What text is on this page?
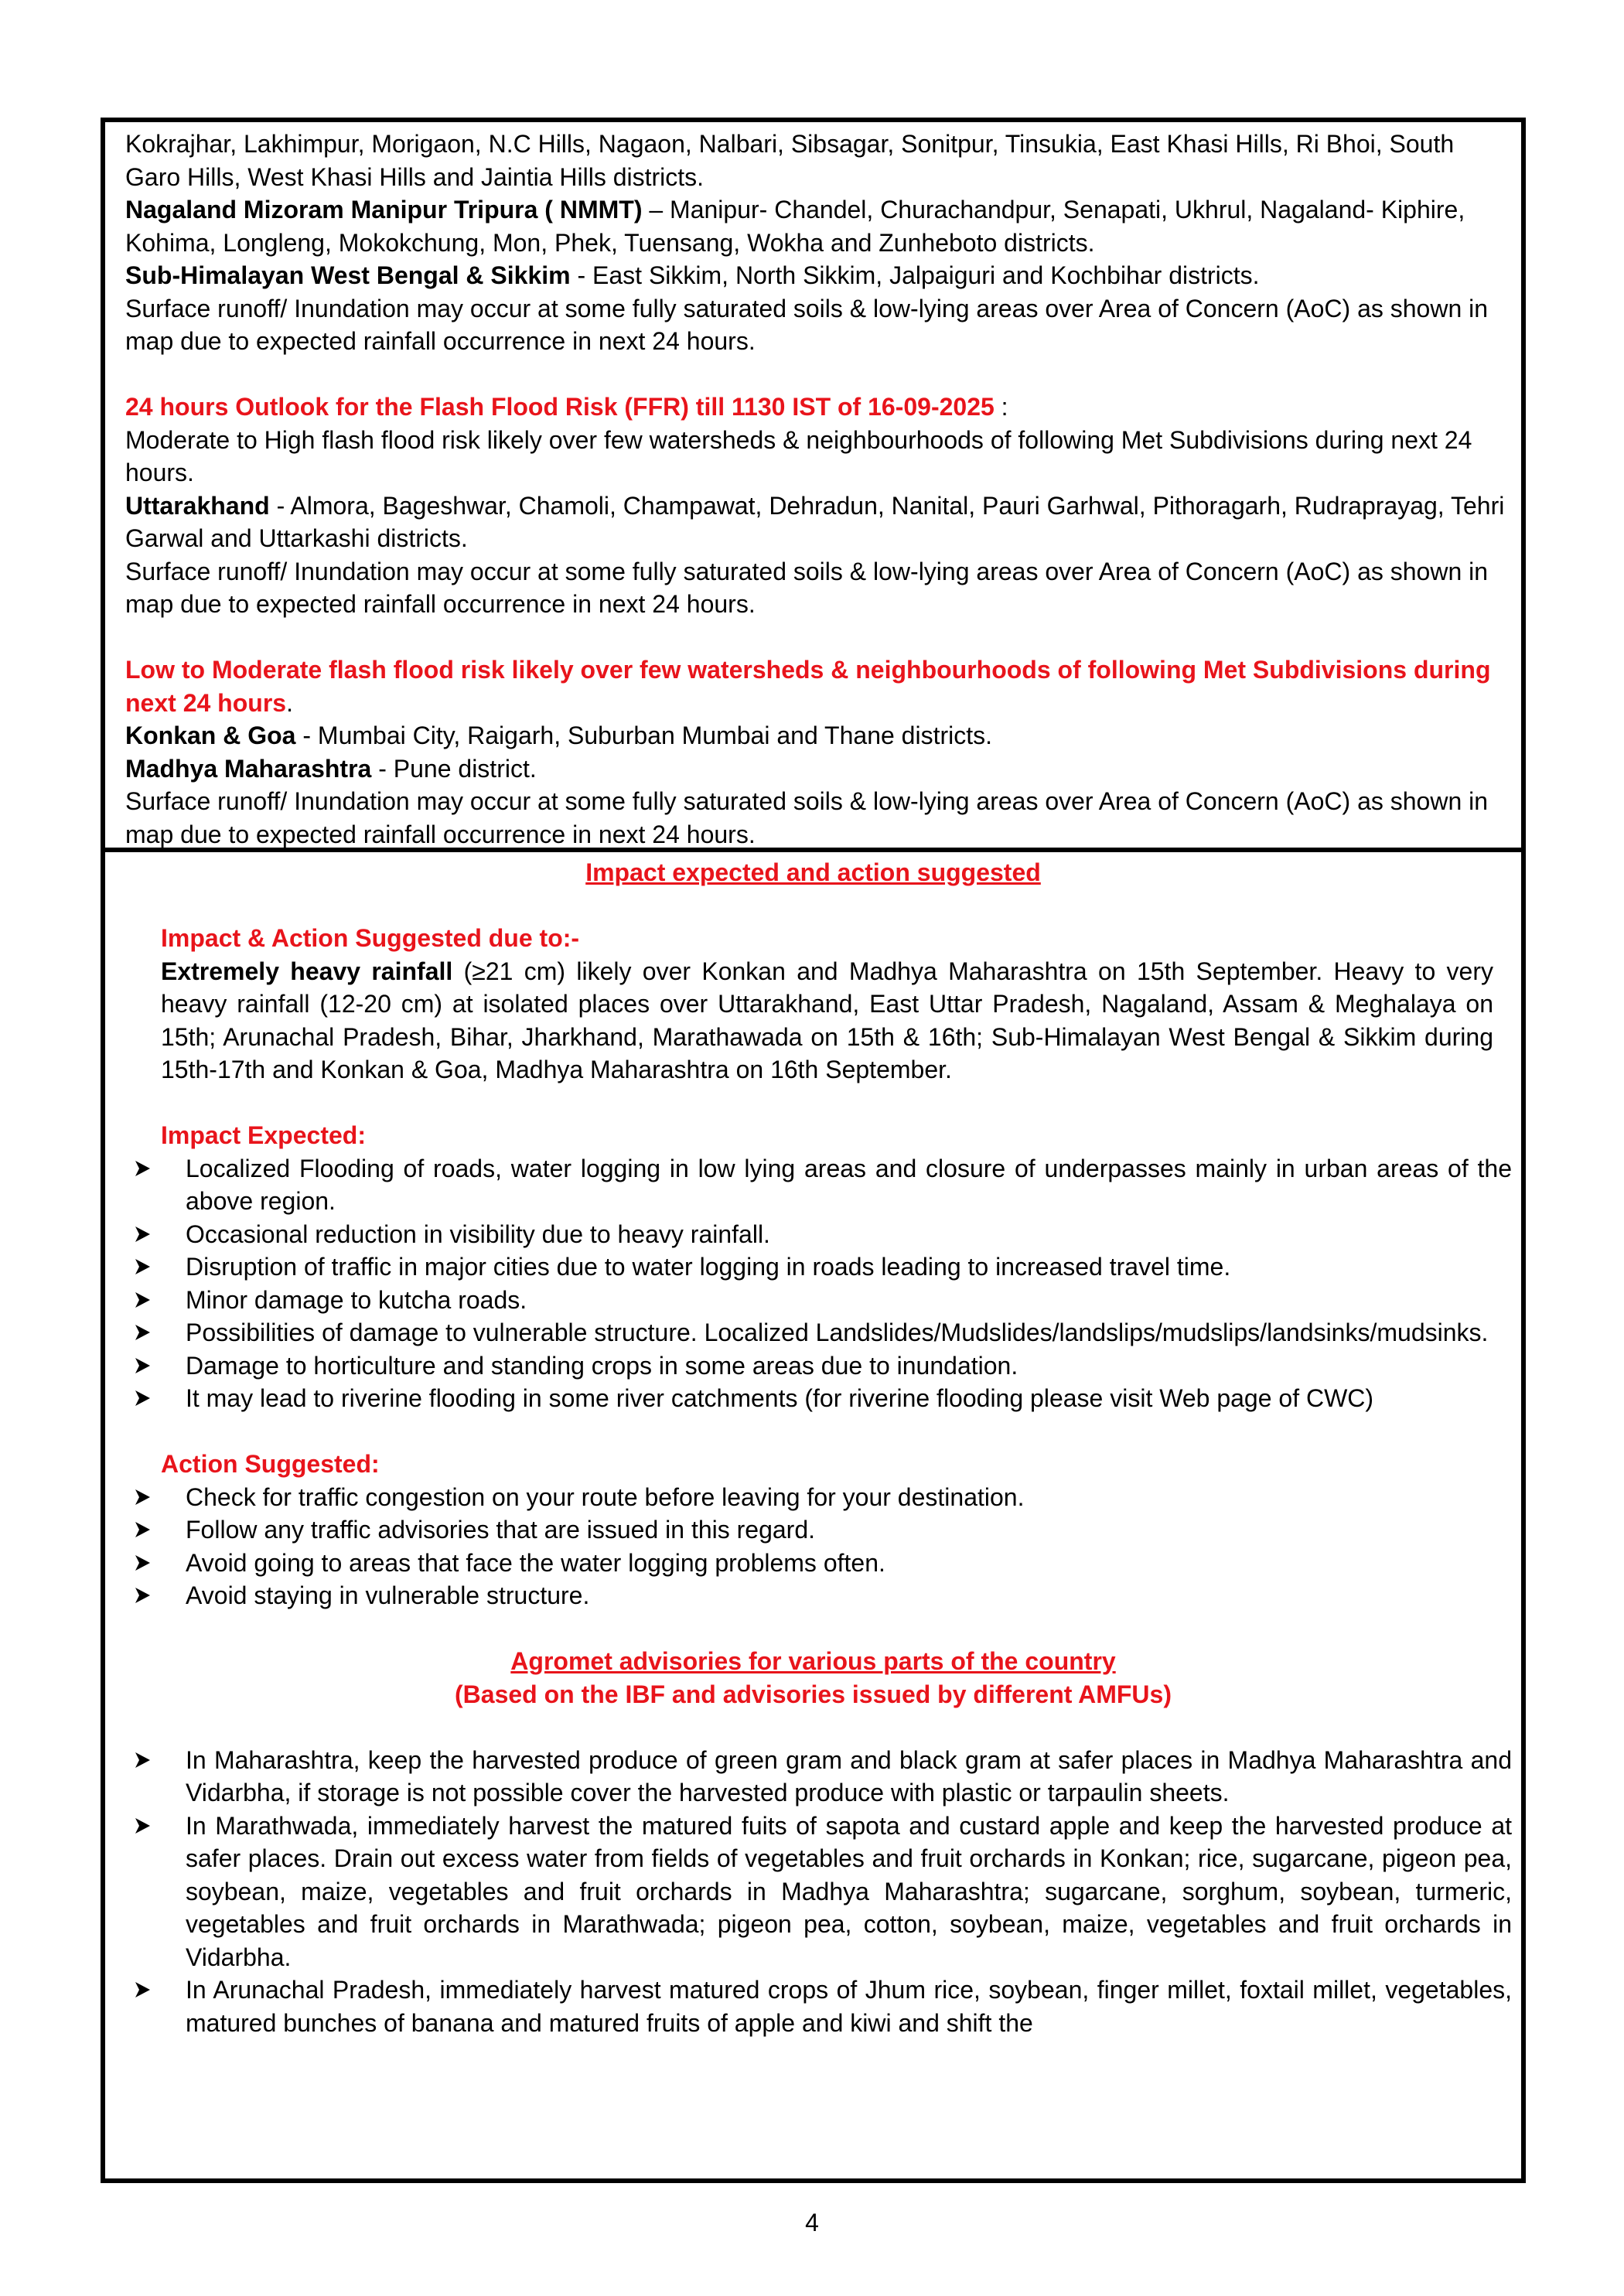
Kokrajhar, Lakhimpur, Morigaon, N.C Hills, Nagaon, Nalbari, Sibsagar, Sonitpur, Tinsukia, East Khasi Hills, Ri Bhoi, South Garo Hills, West Khasi Hills and Jaintia Hills districts.
Nagaland Mizoram Manipur Tripura ( NMMT) – Manipur- Chandel, Churachandpur, Senapati, Ukhrul, Nagaland- Kiphire, Kohima, Longleng, Mokokchung, Mon, Phek, Tuensang, Wokha and Zunheboto districts.
Sub-Himalayan West Bengal & Sikkim - East Sikkim, North Sikkim, Jalpaiguri and Kochbihar districts.
Surface runoff/ Inundation may occur at some fully saturated soils & low-lying areas over Area of Concern (AoC) as shown in map due to expected rainfall occurrence in next 24 hours.
24 hours Outlook for the Flash Flood Risk (FFR) till 1130 IST of 16-09-2025 :
Moderate to High flash flood risk likely over few watersheds & neighbourhoods of following Met Subdivisions during next 24 hours.
Uttarakhand - Almora, Bageshwar, Chamoli, Champawat, Dehradun, Nanital, Pauri Garhwal, Pithoragarh, Rudraprayag, Tehri Garwal and Uttarkashi districts.
Surface runoff/ Inundation may occur at some fully saturated soils & low-lying areas over Area of Concern (AoC) as shown in map due to expected rainfall occurrence in next 24 hours.
Low to Moderate flash flood risk likely over few watersheds & neighbourhoods of following Met Subdivisions during next 24 hours.
Konkan & Goa - Mumbai City, Raigarh, Suburban Mumbai and Thane districts.
Madhya Maharashtra - Pune district.
Surface runoff/ Inundation may occur at some fully saturated soils & low-lying areas over Area of Concern (AoC) as shown in map due to expected rainfall occurrence in next 24 hours.
Impact expected and action suggested
Impact & Action Suggested due to:-
Extremely heavy rainfall (≥21 cm) likely over Konkan and Madhya Maharashtra on 15th September. Heavy to very heavy rainfall (12-20 cm) at isolated places over Uttarakhand, East Uttar Pradesh, Nagaland, Assam & Meghalaya on 15th; Arunachal Pradesh, Bihar, Jharkhand, Marathawada on 15th & 16th; Sub-Himalayan West Bengal & Sikkim during 15th-17th and Konkan & Goa, Madhya Maharashtra on 16th September.
Impact Expected:
Localized Flooding of roads, water logging in low lying areas and closure of underpasses mainly in urban areas of the above region.
Occasional reduction in visibility due to heavy rainfall.
Disruption of traffic in major cities due to water logging in roads leading to increased travel time.
Minor damage to kutcha roads.
Possibilities of damage to vulnerable structure. Localized Landslides/Mudslides/landslips/mudslips/landsinks/mudsinks.
Damage to horticulture and standing crops in some areas due to inundation.
It may lead to riverine flooding in some river catchments (for riverine flooding please visit Web page of CWC)
Action Suggested:
Check for traffic congestion on your route before leaving for your destination.
Follow any traffic advisories that are issued in this regard.
Avoid going to areas that face the water logging problems often.
Avoid staying in vulnerable structure.
Agromet advisories for various parts of the country
(Based on the IBF and advisories issued by different AMFUs)
In Maharashtra, keep the harvested produce of green gram and black gram at safer places in Madhya Maharashtra and Vidarbha, if storage is not possible cover the harvested produce with plastic or tarpaulin sheets.
In Marathwada, immediately harvest the matured fuits of sapota and custard apple and keep the harvested produce at safer places. Drain out excess water from fields of vegetables and fruit orchards in Konkan; rice, sugarcane, pigeon pea, soybean, maize, vegetables and fruit orchards in Madhya Maharashtra; sugarcane, sorghum, soybean, turmeric, vegetables and fruit orchards in Marathwada; pigeon pea, cotton, soybean, maize, vegetables and fruit orchards in Vidarbha.
In Arunachal Pradesh, immediately harvest matured crops of Jhum rice, soybean, finger millet, foxtail millet, vegetables, matured bunches of banana and matured fruits of apple and kiwi and shift the
4
